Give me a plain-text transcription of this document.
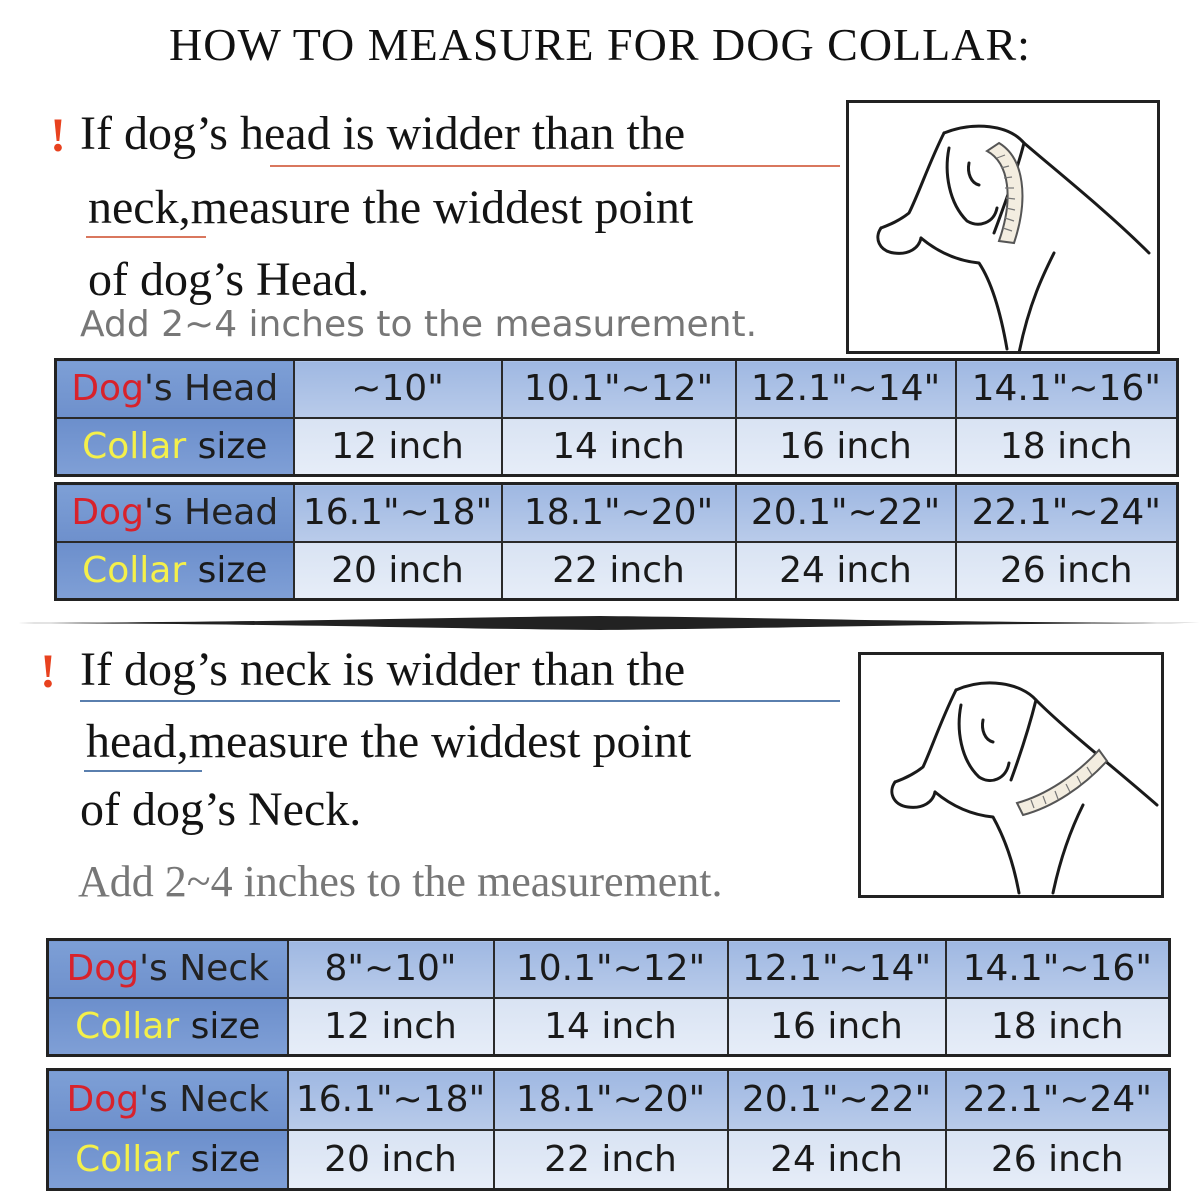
HOW TO MEASURE FOR DOG COLLAR:
! If dog’s head is widder than the
neck,measure the widdest point
of dog’s Head.
Add 2~4 inches to the measurement.
Dog's Head	~10"	10.1"~12"	12.1"~14"	14.1"~16"
Collar size	12 inch	14 inch	16 inch	18 inch
Dog's Head	16.1"~18"	18.1"~20"	20.1"~22"	22.1"~24"
Collar size	20 inch	22 inch	24 inch	26 inch
! If dog’s neck is widder than the
head,measure the widdest point
of dog’s Neck.
Add 2~4 inches to the measurement.
Dog's Neck	8"~10"	10.1"~12"	12.1"~14"	14.1"~16"
Collar size	12 inch	14 inch	16 inch	18 inch
Dog's Neck	16.1"~18"	18.1"~20"	20.1"~22"	22.1"~24"
Collar size	20 inch	22 inch	24 inch	26 inch
